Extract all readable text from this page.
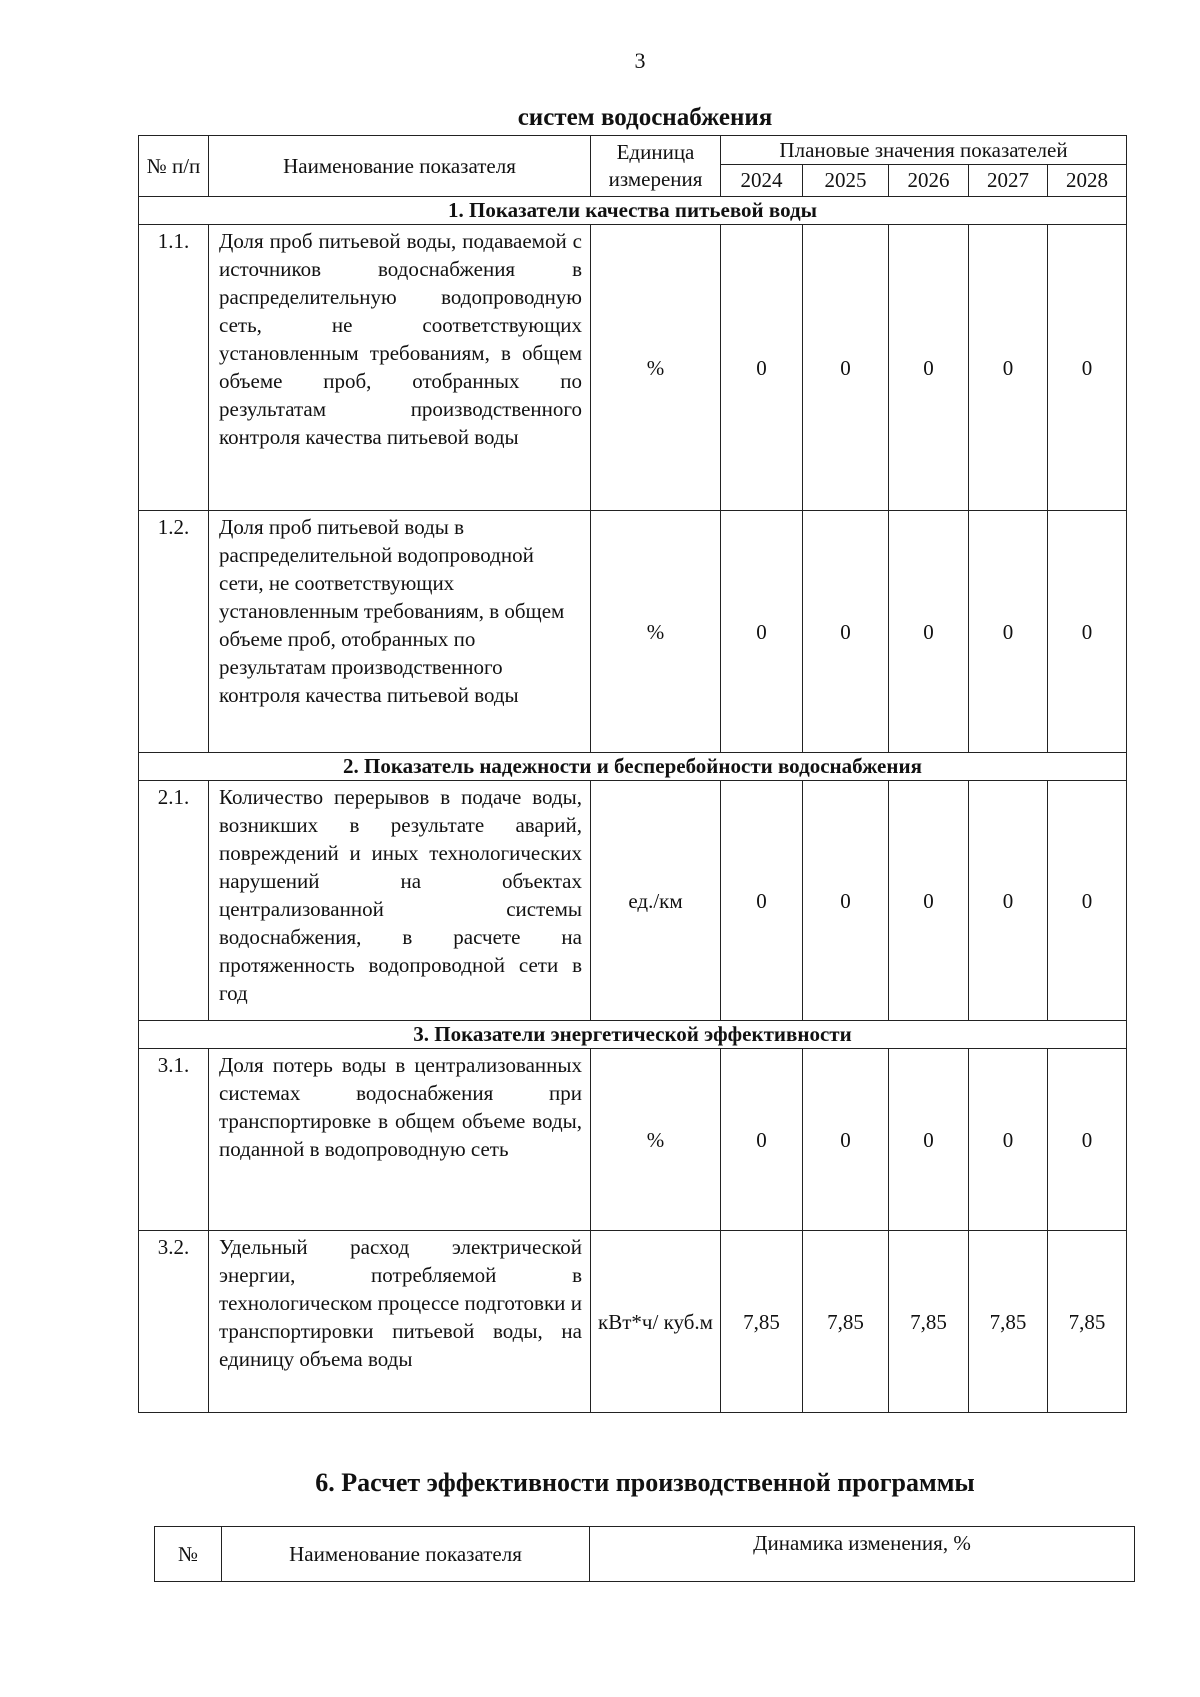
3
систем водоснабжения
№ п/п	Наименование показателя	Единица измерения	Плановые значения показателей				
			2024	2025	2026	2027	2028
1. Показатели качества питьевой воды							
1.1.	Доля проб питьевой воды, подаваемой с источников водоснабжения в распределительную водопроводную сеть, не соответствующих установленным требованиям, в общем объеме проб, отобранных по результатам производственного контроля качества питьевой воды	%	0	0	0	0	0
1.2.	Доля проб питьевой воды в распределительной водопроводной сети, не соответствующих установленным требованиям, в общем объеме проб, отобранных по результатам производственного контроля качества питьевой воды	%	0	0	0	0	0
2. Показатель надежности и бесперебойности водоснабжения							
2.1.	Количество перерывов в подаче воды, возникших в результате аварий, повреждений и иных технологических нарушений на объектах централизованной системы водоснабжения, в расчете на протяженность водопроводной сети в год	ед./км	0	0	0	0	0
3. Показатели энергетической эффективности							
3.1.	Доля потерь воды в централизованных системах водоснабжения при транспортировке в общем объеме воды, поданной в водопроводную сеть	%	0	0	0	0	0
3.2.	Удельный расход электрической энергии, потребляемой в технологическом процессе подготовки и транспортировки питьевой воды, на единицу объема воды	кВт*ч/ куб.м	7,85	7,85	7,85	7,85	7,85
6. Расчет эффективности производственной программы
№	Наименование показателя	Динамика изменения, %
